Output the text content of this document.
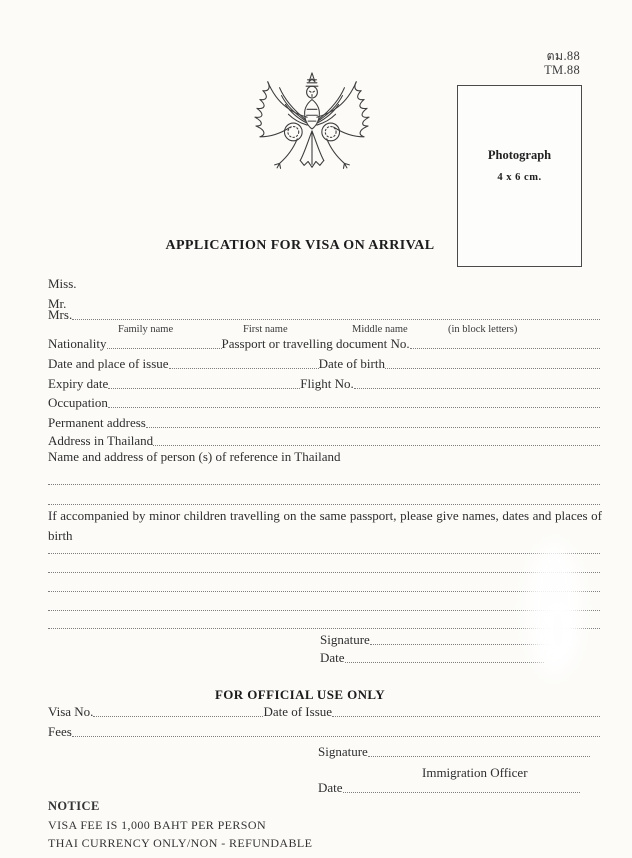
ตม.88
TM.88
Photograph
4 x 6 cm.
APPLICATION FOR VISA ON ARRIVAL
Miss.
Mr.
Mrs.
Family name	First name	Middle name	(in block letters)
Nationality	Passport or travelling document No.
Date and place of issue	Date of birth
Expiry date	Flight No.
Occupation
Permanent address
Address in Thailand
Name and address of person (s) of reference in Thailand
If accompanied by minor children travelling on the same passport, please give names, dates and places of birth
Signature
Date
FOR OFFICIAL USE ONLY
Visa No.	Date of Issue
Fees
Signature
Immigration Officer
Date
NOTICE
VISA FEE IS 1,000 BAHT PER PERSON
THAI CURRENCY ONLY/NON - REFUNDABLE
